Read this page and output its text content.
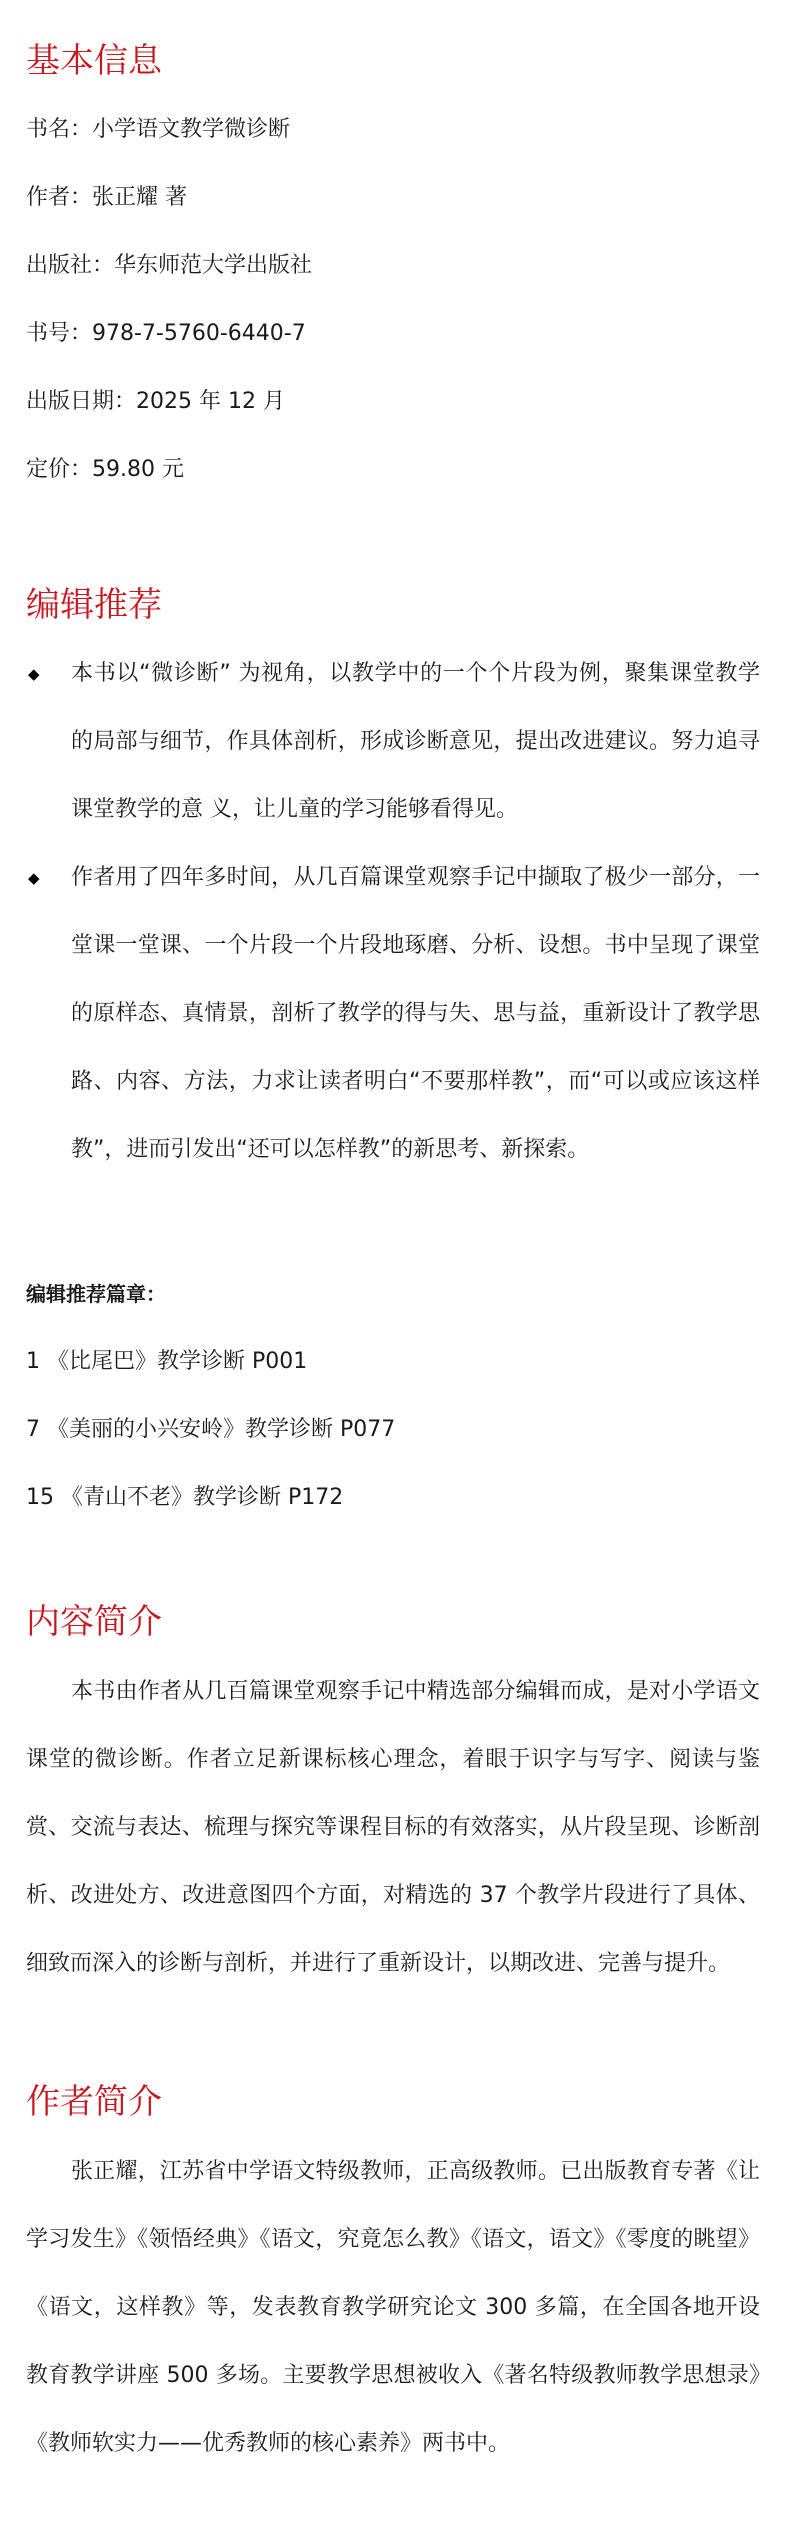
基本信息
书名：小学语文教学微诊断
作者：张正耀 著
出版社：华东师范大学出版社
书号：978-7-5760-6440-7
出版日期：2025 年 12 月
定价：59.80 元
编辑推荐
◆ 本书以“微诊断” 为视角，以教学中的一个个片段为例，聚集课堂教学的局部与细节，作具体剖析，形成诊断意见，提出改进建议。努力追寻课堂教学的意 义，让儿童的学习能够看得见。
◆ 作者用了四年多时间，从几百篇课堂观察手记中撷取了极少一部分，一堂课一堂课、一个片段一个片段地琢磨、分析、设想。书中呈现了课堂的原样态、真情景，剖析了教学的得与失、思与益，重新设计了教学思路、内容、方法，力求让读者明白“不要那样教”，而“可以或应该这样教”，进而引发出“还可以怎样教”的新思考、新探索。
编辑推荐篇章：
1 《比尾巴》教学诊断 P001
7 《美丽的小兴安岭》教学诊断 P077
15 《青山不老》教学诊断 P172
内容简介

本书由作者从几百篇课堂观察手记中精选部分编辑而成，是对小学语文课堂的微诊断。作者立足新课标核心理念，着眼于识字与写字、阅读与鉴赏、交流与表达、梳理与探究等课程目标的有效落实，从片段呈现、诊断剖析、改进处方、改进意图四个方面，对精选的 37 个教学片段进行了具体、细致而深入的诊断与剖析，并进行了重新设计，以期改进、完善与提升。

作者简介

张正耀，江苏省中学语文特级教师，正高级教师。已出版教育专著《让学习发生》《领悟经典》《语文，究竟怎么教》《语文，语文》《零度的眺望》《语文，这样教》等，发表教育教学研究论文 300 多篇，在全国各地开设教育教学讲座 500 多场。主要教学思想被收入《著名特级教师教学思想录》《教师软实力——优秀教师的核心素养》两书中。
